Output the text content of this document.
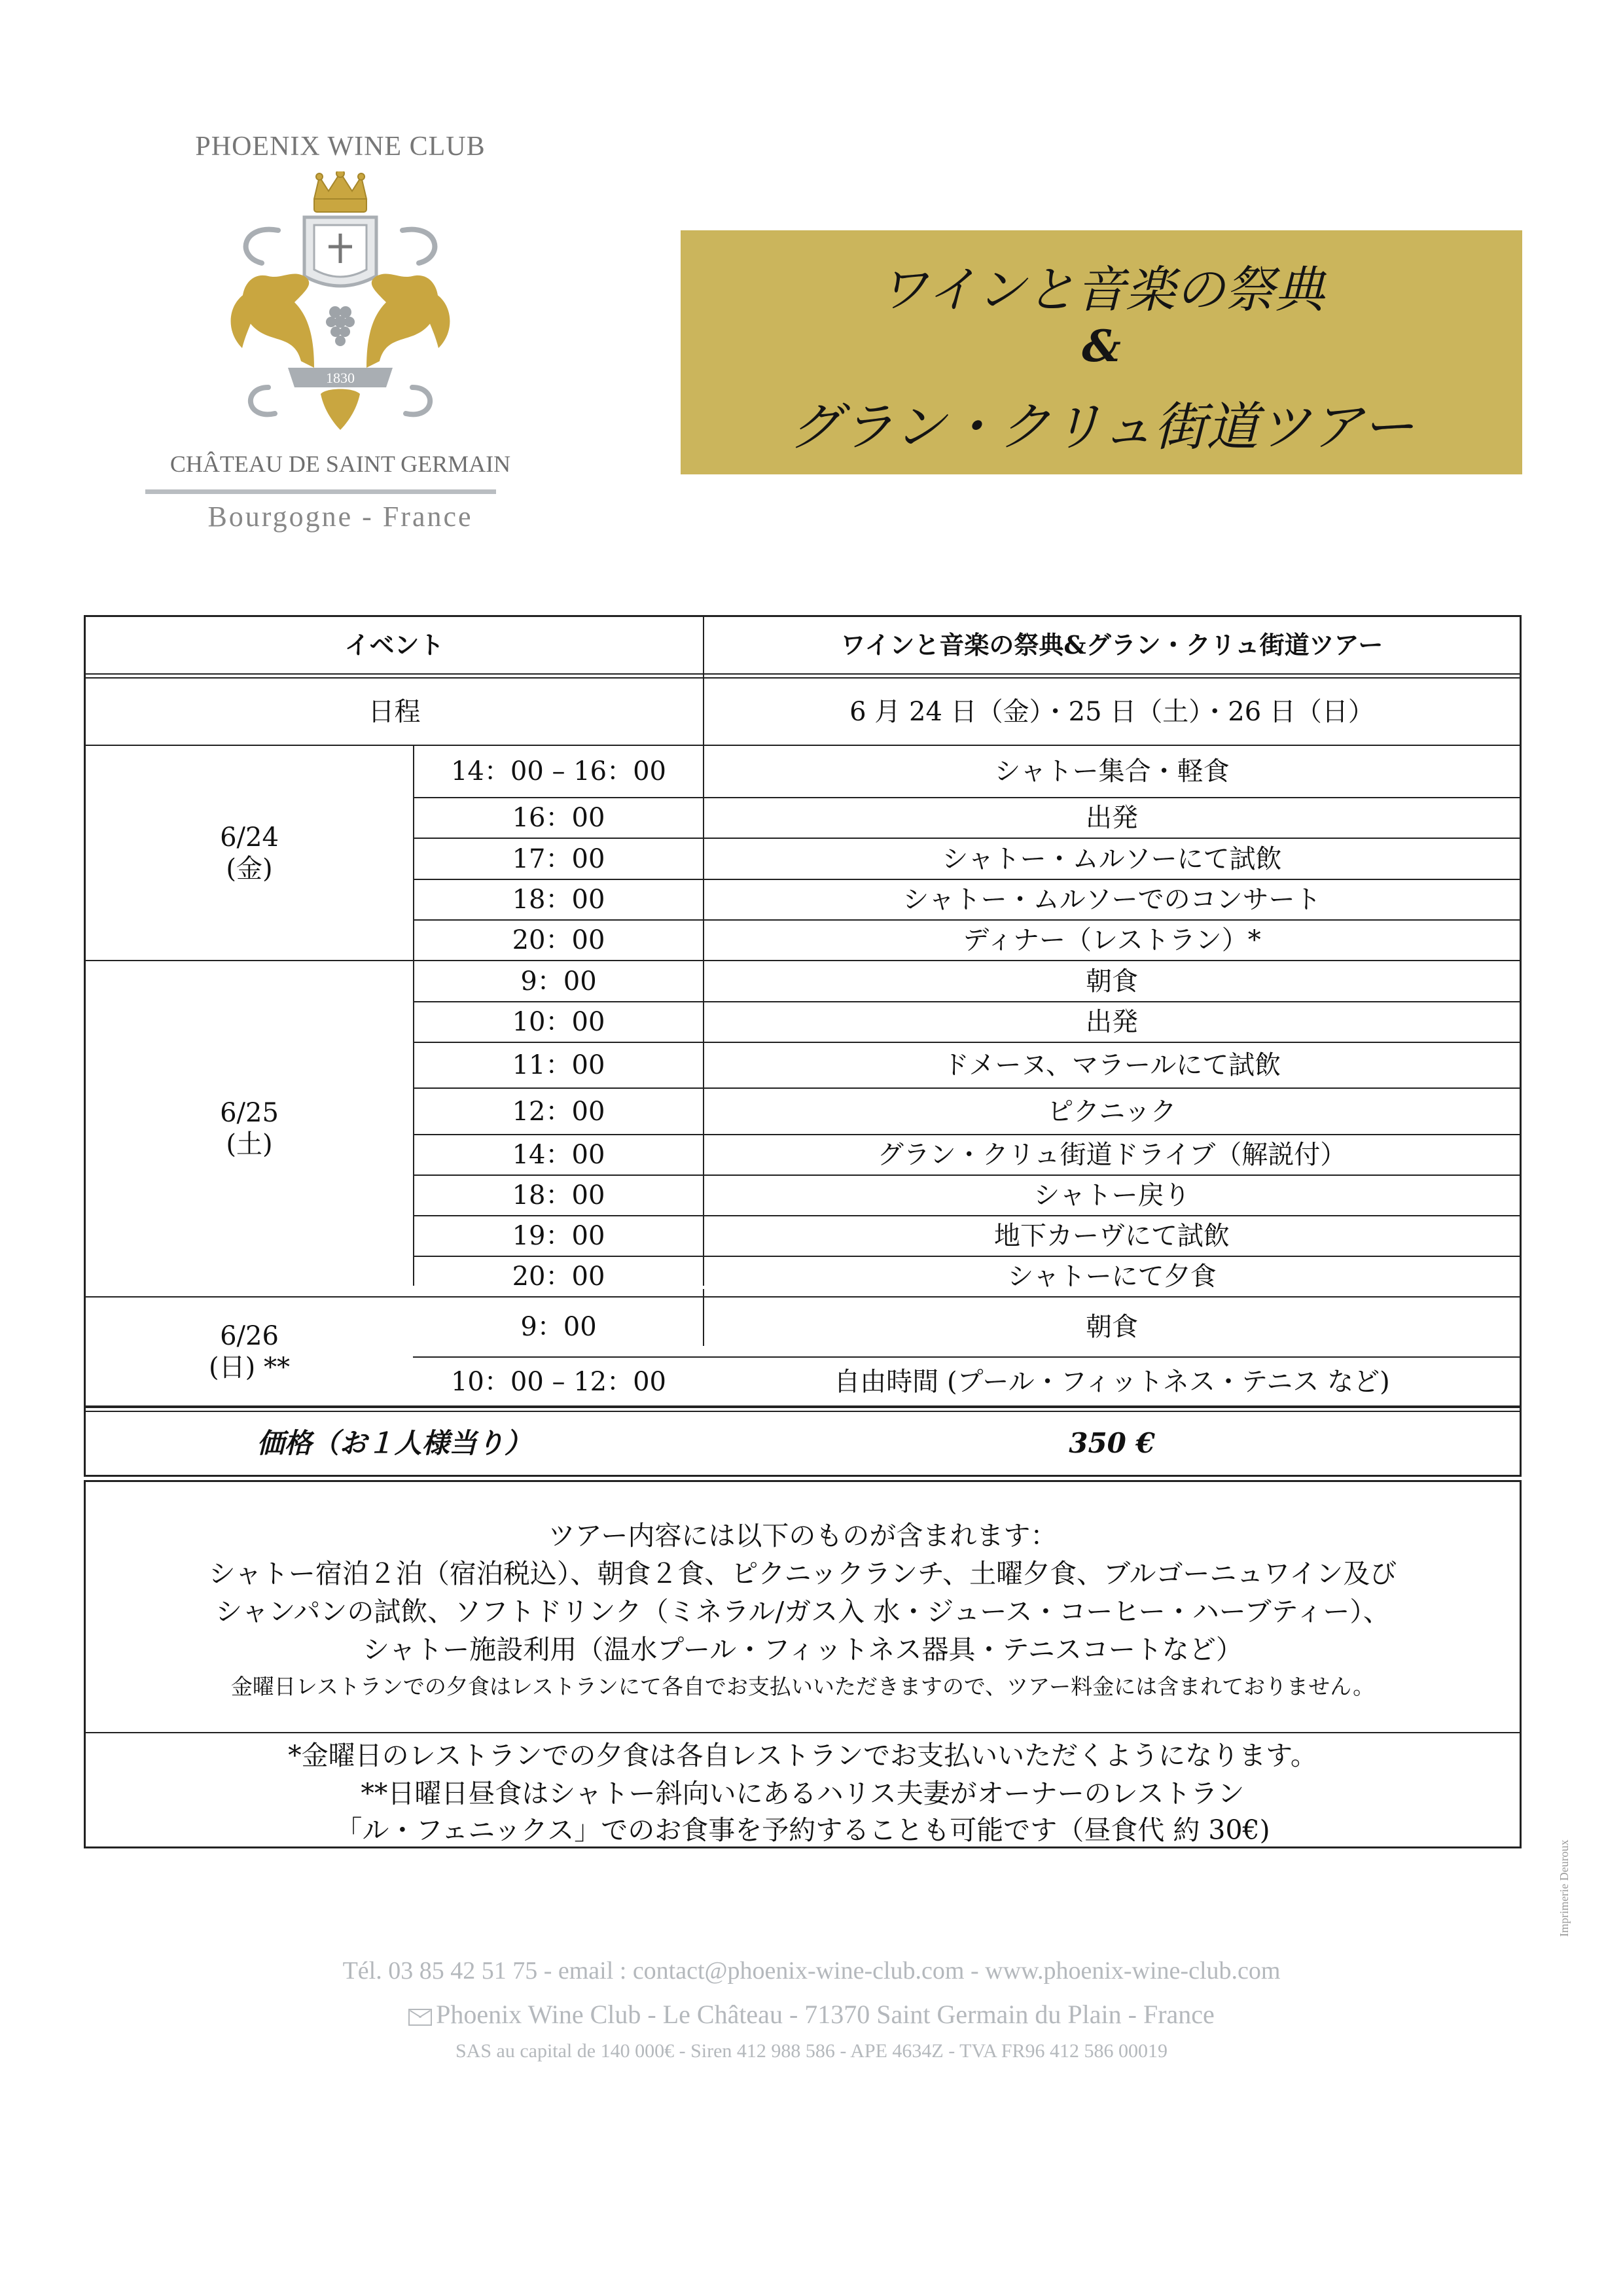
PHOENIX WINE CLUB
1830
CHÂTEAU DE SAINT GERMAIN
Bourgogne - France
ワインと音楽の祭典
&
グラン・クリュ街道ツアー
イベント	ワインと音楽の祭典&グラン・クリュ街道ツアー
日程	6 月 24 日（金）・25 日（土）・26 日（日）
6/24
(金)
14：00 – 16：00	シャトー集合・軽食
16：00	出発
17：00	シャトー・ムルソーにて試飲
18：00	シャトー・ムルソーでのコンサート
20：00	ディナー（レストラン）*
6/25
(土)
9：00	朝食
10：00	出発
11：00	ドメーヌ、マラールにて試飲
12：00	ピクニック
14：00	グラン・クリュ街道ドライブ（解説付）
18：00	シャトー戻り
19：00	地下カーヴにて試飲
20：00	シャトーにて夕食
6/26
(日) **
9：00	朝食
10：00 – 12：00	自由時間 (プール・フィットネス・テニス など)
価格（お１人様当り）	350 €
ツアー内容には以下のものが含まれます：
シャトー宿泊２泊（宿泊税込）、朝食２食、ピクニックランチ、土曜夕食、ブルゴーニュワイン及び
シャンパンの試飲、ソフトドリンク（ミネラル/ガス入 水・ジュース・コーヒー・ハーブティー）、
シャトー施設利用（温水プール・フィットネス器具・テニスコートなど）
金曜日レストランでの夕食はレストランにて各自でお支払いいただきますので、ツアー料金には含まれておりません。
*金曜日のレストランでの夕食は各自レストランでお支払いいただくようになります。
**日曜日昼食はシャトー斜向いにあるハリス夫妻がオーナーのレストラン
「ル・フェニックス」でのお食事を予約することも可能です（昼食代 約 30€)
Tél. 03 85 42 51 75 - email : contact@phoenix-wine-club.com - www.phoenix-wine-club.com
Phoenix Wine Club - Le Château - 71370 Saint Germain du Plain - France
SAS au capital de 140 000€ - Siren 412 988 586 - APE 4634Z - TVA FR96 412 586 00019
Imprimerie Deuroux
